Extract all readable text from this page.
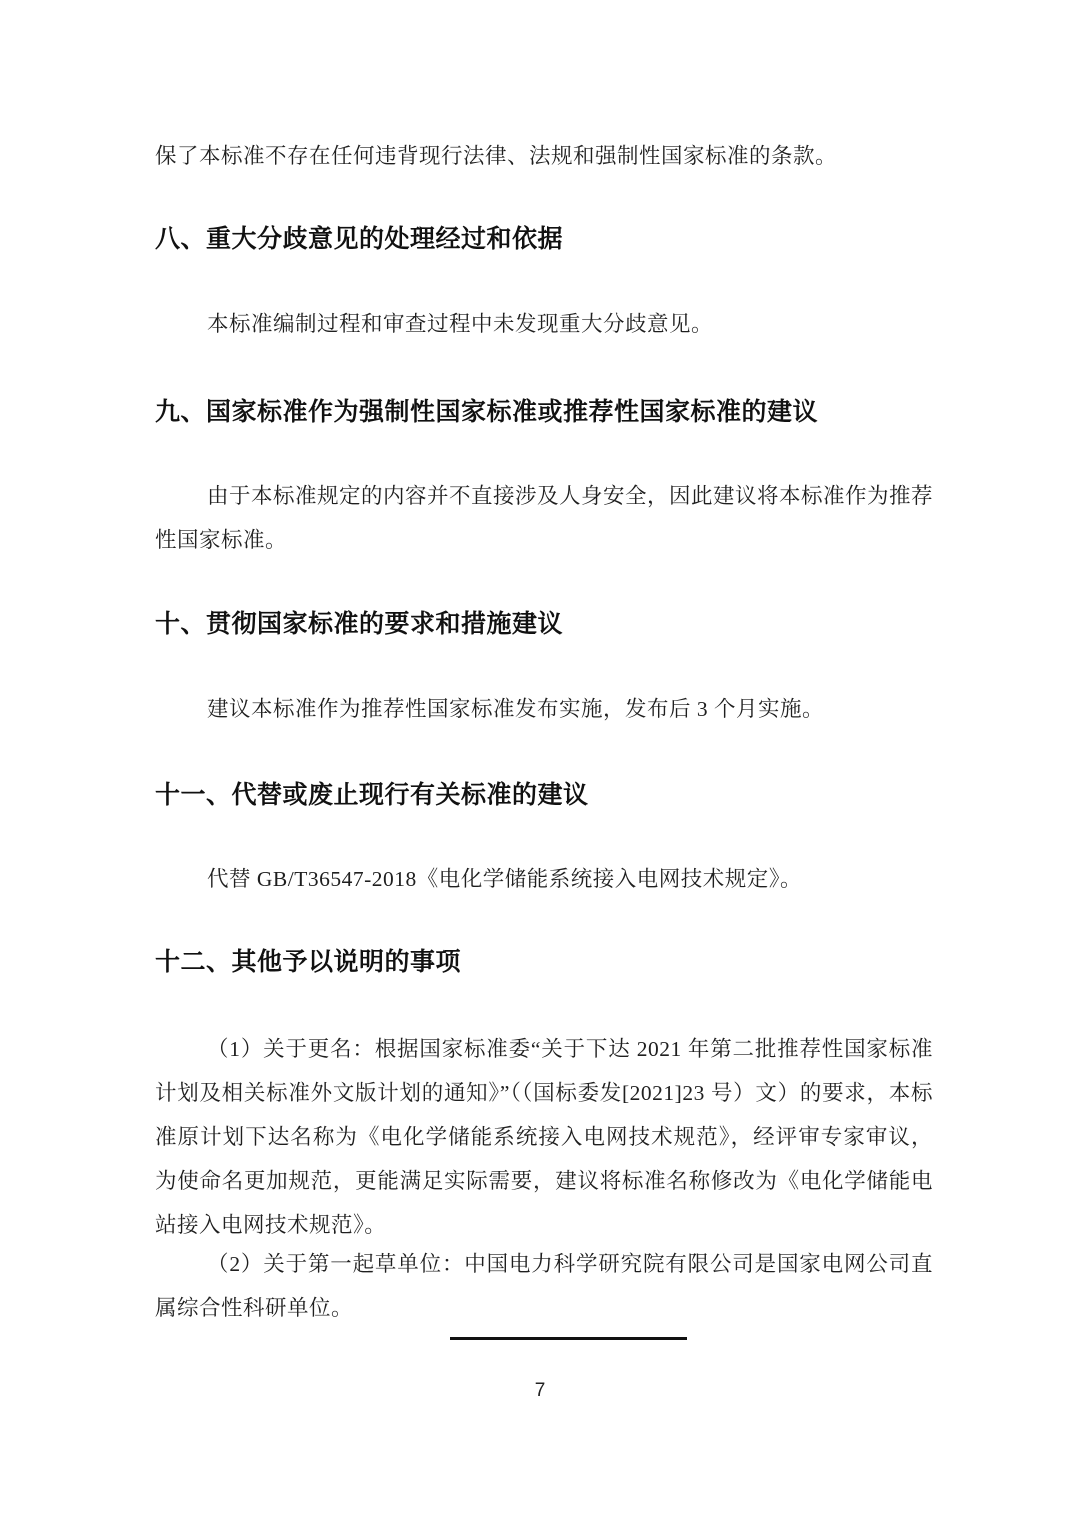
保了本标准不存在任何违背现行法律、法规和强制性国家标准的条款。
八、重大分歧意见的处理经过和依据
本标准编制过程和审查过程中未发现重大分歧意见。
九、国家标准作为强制性国家标准或推荐性国家标准的建议
由于本标准规定的内容并不直接涉及人身安全，因此建议将本标准作为推荐性国家标准。
十、贯彻国家标准的要求和措施建议
建议本标准作为推荐性国家标准发布实施，发布后 3 个月实施。
十一、代替或废止现行有关标准的建议
代替 GB/T36547-2018《电化学储能系统接入电网技术规定》。
十二、其他予以说明的事项
（1）关于更名：根据国家标准委“关于下达 2021 年第二批推荐性国家标准计划及相关标准外文版计划的通知》”（（国标委发[2021]23 号）文）的要求，本标准原计划下达名称为《电化学储能系统接入电网技术规范》，经评审专家审议，为使命名更加规范，更能满足实际需要，建议将标准名称修改为《电化学储能电站接入电网技术规范》。
（2）关于第一起草单位：中国电力科学研究院有限公司是国家电网公司直属综合性科研单位。
7
